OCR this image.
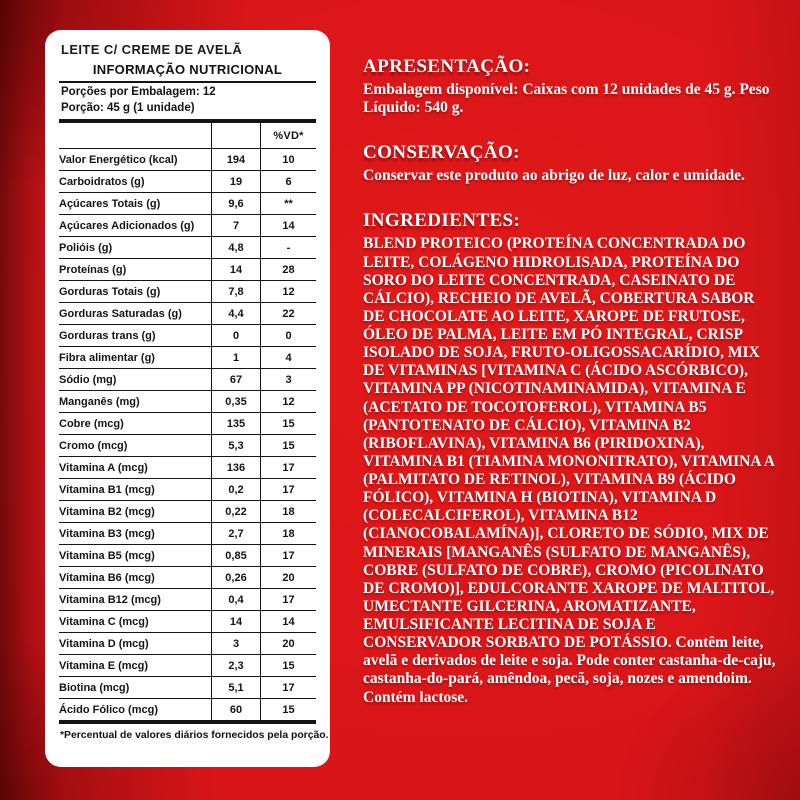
LEITE C/ CREME DE AVELÃ
INFORMAÇÃO NUTRICIONAL
Porções por Embalagem: 12
Porção: 45 g (1 unidade)
		%VD*
Valor Energético (kcal)	194	10
Carboidratos (g)	19	6
Açúcares Totais (g)	9,6	**
Açúcares Adicionados (g)	7	14
Polióis (g)	4,8	-
Proteínas (g)	14	28
Gorduras Totais (g)	7,8	12
Gorduras Saturadas (g)	4,4	22
Gorduras trans (g)	0	0
Fibra alimentar (g)	1	4
Sódio (mg)	67	3
Manganês (mg)	0,35	12
Cobre (mcg)	135	15
Cromo (mcg)	5,3	15
Vitamina A (mcg)	136	17
Vitamina B1 (mcg)	0,2	17
Vitamina B2 (mcg)	0,22	18
Vitamina B3 (mcg)	2,7	18
Vitamina B5 (mcg)	0,85	17
Vitamina B6 (mcg)	0,26	20
Vitamina B12 (mcg)	0,4	17
Vitamina C (mcg)	14	14
Vitamina D (mcg)	3	20
Vitamina E (mcg)	2,3	15
Biotina (mcg)	5,1	17
Ácido Fólico (mcg)	60	15
*Percentual de valores diários fornecidos pela porção.
APRESENTAÇÃO:

Embalagem disponível: Caixas com 12 unidades de 45 g. Peso Líquido: 540 g.

CONSERVAÇÃO:

Conservar este produto ao abrigo de luz, calor e umidade.

INGREDIENTES:

BLEND PROTEICO (PROTEÍNA CONCENTRADA DO LEITE, COLÁGENO HIDROLISADA, PROTEÍNA DO SORO DO LEITE CONCENTRADA, CASEINATO DE CÁLCIO), RECHEIO DE AVELÃ, COBERTURA SABOR DE CHOCOLATE AO LEITE, XAROPE DE FRUTOSE, ÓLEO DE PALMA, LEITE EM PÓ INTEGRAL, CRISP ISOLADO DE SOJA, FRUTO-OLIGOSSACARÍDIO, MIX DE VITAMINAS [VITAMINA C (ÁCIDO ASCÓRBICO), VITAMINA PP (NICOTINAMINAMIDA), VITAMINA E (ACETATO DE TOCOTOFEROL), VITAMINA B5 (PANTOTENATO DE CÁLCIO), VITAMINA B2 (RIBOFLAVINA), VITAMINA B6 (PIRIDOXINA), VITAMINA B1 (TIAMINA MONONITRATO), VITAMINA A (PALMITATO DE RETINOL), VITAMINA B9 (ÁCIDO FÓLICO), VITAMINA H (BIOTINA), VITAMINA D (COLECALCIFEROL), VITAMINA B12 (CIANOCOBALAMÍNA)], CLORETO DE SÓDIO, MIX DE MINERAIS [MANGANÊS (SULFATO DE MANGANÊS), COBRE (SULFATO DE COBRE), CROMO (PICOLINATO DE CROMO)], EDULCORANTE XAROPE DE MALTITOL, UMECTANTE GILCERINA, AROMATIZANTE, EMULSIFICANTE LECITINA DE SOJA E CONSERVADOR SORBATO DE POTÁSSIO. Contêm leite, avelã e derivados de leite e soja. Pode conter castanha-de-caju, castanha-do-pará, amêndoa, pecã, soja, nozes e amendoim. Contém lactose.
